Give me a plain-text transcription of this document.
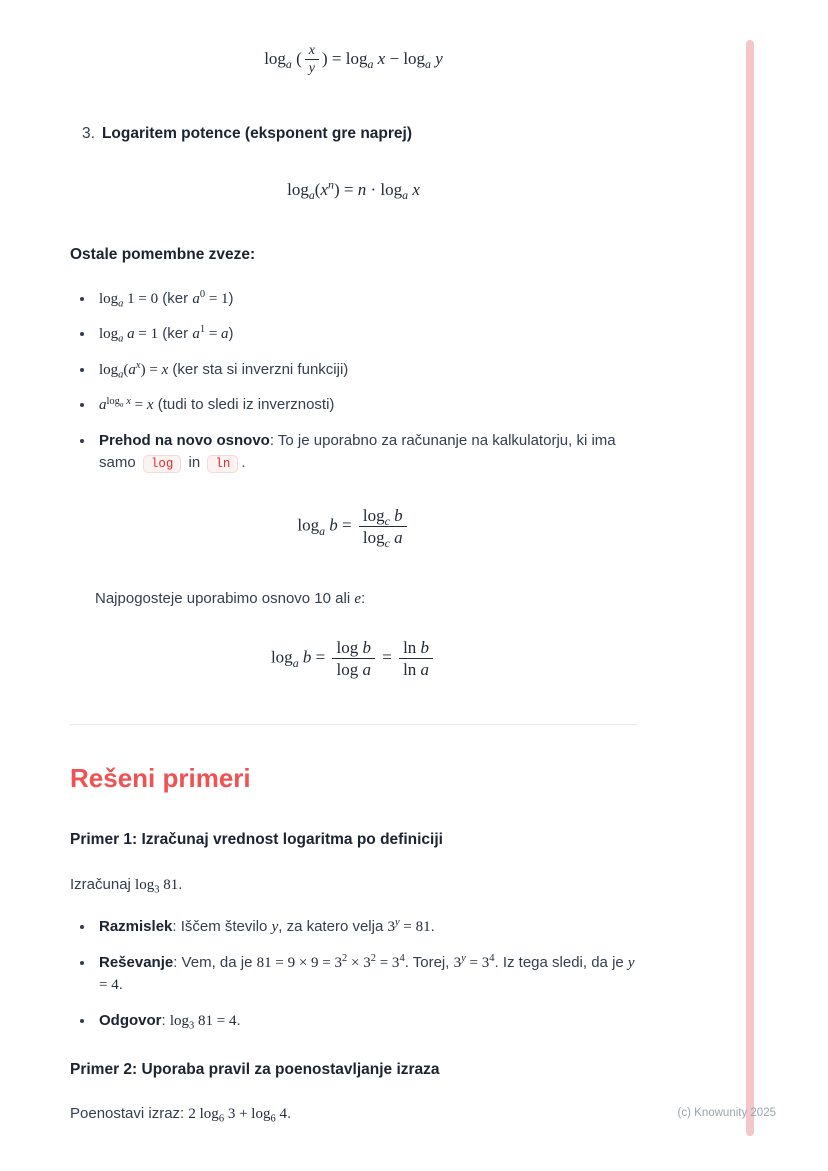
$\log_a$ ( $\frac{x}{y}$ ) = $\log_a x - \log_a y$
3. Logaritem potence (eksponent gre naprej)
$\log_a(x^n) = n \cdot \log_a x$

Ostale pomembne zveze:

• $\log_a 1 = 0$ (ker $a^0 = 1$)
• $\log_a a = 1$ (ker $a^1 = a$)
• $\log_a(a^x) = x$ (ker sta si inverzni funkciji)
• $a^{log_a x} = x$ (tudi to sledi iz inverznosti)
• Prehod na novo osnovo: To je uporabno za računanje na kalkulatorju, ki ima samo log in ln .
$\log_a b = \frac{\log_c b}{\log_c a}$

Najpogosteje uporabimo osnovo 10 ali e:

$\log_a b = \frac{\text{log b}}{\text{log a}} = \frac{\text{ln b}}{\text{ln a}}$
Rešeni primeri

Primer 1: Izračunaj vrednost logaritma po definiciji

Izračunaj $\log_3 81$.

• Razmislek: Iščem število y, za katero velja $3^y = 81$.
• Reševanje: Vem, da je $81 = 9 \times 9 = 3^2 \times 3^2 = 3^4$. Torej, $3^y = 3^4$. Iz tega sledi, da je y = 4.
• Odgovor: $\log_3 81 = 4$.

Primer 2: Uporaba pravil za poenostavljanje izraza

Poenostavi izraz: 2 $\log_6 3 + \log_6 4$.	(c) Knowunity 2025
